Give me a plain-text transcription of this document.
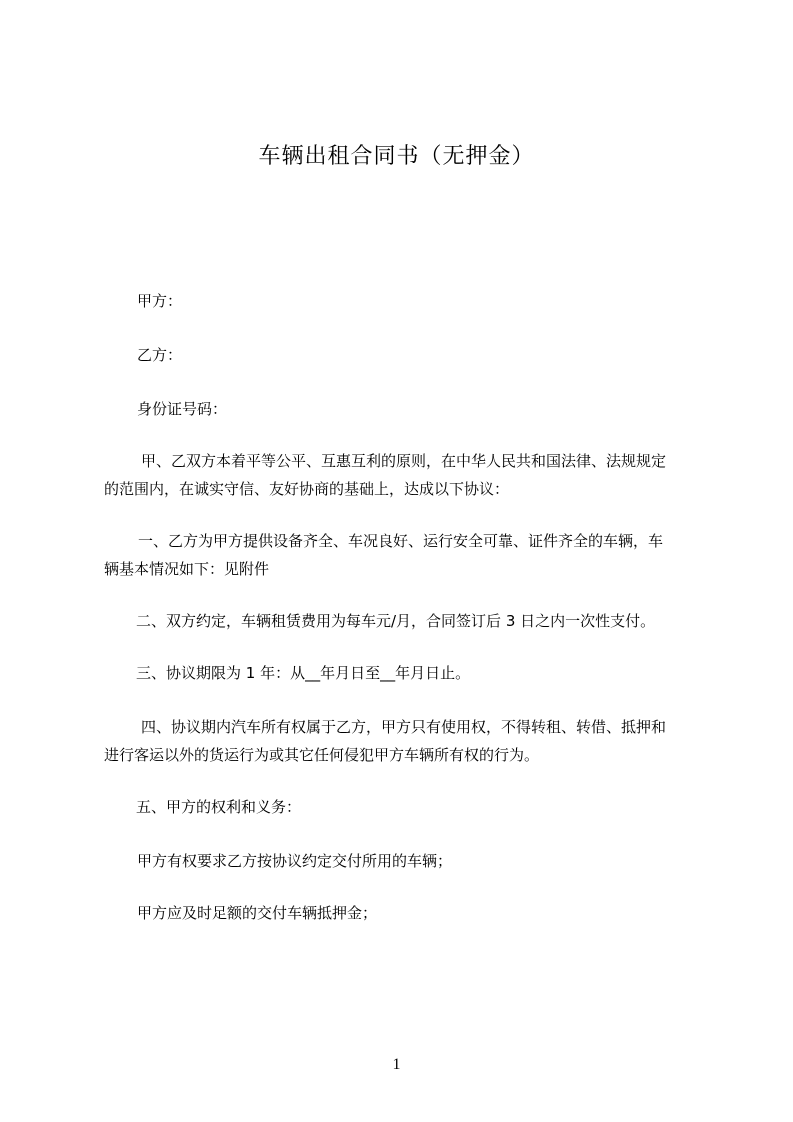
车辆出租合同书（无押金）
甲方：
乙方：
身份证号码：
甲、乙双方本着平等公平、互惠互利的原则，在中华人民共和国法律、法规规定
的范围内，在诚实守信、友好协商的基础上，达成以下协议：
一、乙方为甲方提供设备齐全、车况良好、运行安全可靠、证件齐全的车辆，车
辆基本情况如下：见附件
二、双方约定，车辆租赁费用为每车元/月，合同签订后 3 日之内一次性支付。
三、协议期限为 1 年：从__年月日至__年月日止。
四、协议期内汽车所有权属于乙方，甲方只有使用权，不得转租、转借、抵押和
进行客运以外的货运行为或其它任何侵犯甲方车辆所有权的行为。
五、甲方的权利和义务：
甲方有权要求乙方按协议约定交付所用的车辆；
甲方应及时足额的交付车辆抵押金；
1
